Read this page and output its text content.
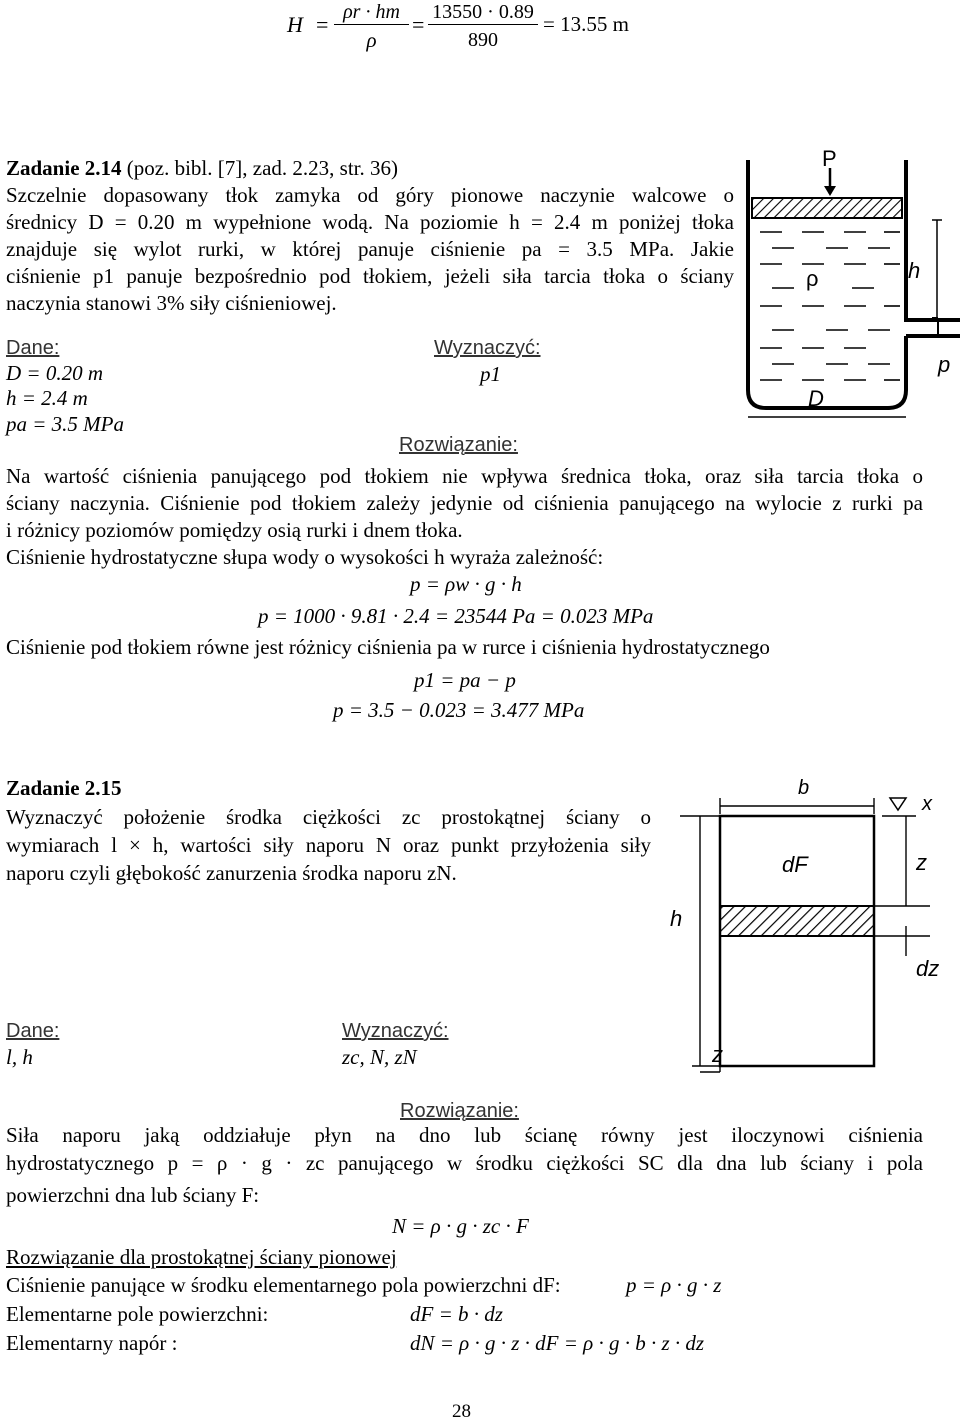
H = ρr · hm
ρ
= 13550 · 0.89
890
= 13.55 m
Zadanie 2.14 (poz. bibl. [7], zad. 2.23, str. 36)
Szczelnie dopasowany tłok zamyka od góry pionowe naczynie walcowe o
średnicy D = 0.20 m wypełnione wodą. Na poziomie h = 2.4 m poniżej tłoka
znajduje się wylot rurki, w której panuje ciśnienie pa = 3.5 MPa. Jakie
ciśnienie p1 panuje bezpośrednio pod tłokiem, jeżeli siła tarcia tłoka o ściany
naczynia stanowi 3% siły ciśnieniowej.
Dane:
D = 0.20 m
h = 2.4 m
pa = 3.5 MPa
Wyznaczyć:
p1
P
ρ	h
p
D
Rozwiązanie:
Na wartość ciśnienia panującego pod tłokiem nie wpływa średnica tłoka, oraz siła tarcia tłoka o
ściany naczynia. Ciśnienie pod tłokiem zależy jedynie od ciśnienia panującego na wylocie z rurki pa
i różnicy poziomów pomiędzy osią rurki i dnem tłoka.
Ciśnienie hydrostatyczne słupa wody o wysokości h wyraża zależność:
p = ρw · g · h
p = 1000 · 9.81 · 2.4 = 23544 Pa = 0.023 MPa
Ciśnienie pod tłokiem równe jest różnicy ciśnienia pa w rurce i ciśnienia hydrostatycznego
p1 = pa − p
p = 3.5 − 0.023 = 3.477 MPa
Zadanie 2.15
Wyznaczyć położenie środka ciężkości zc prostokątnej ściany o
wymiarach l × h, wartości siły naporu N oraz punkt przyłożenia siły
naporu czyli głębokość zanurzenia środka naporu zN.
b
x
dF
h
z
dz
z
Dane:
l, h
Wyznaczyć:
zc, N, zN
Rozwiązanie:
Siła naporu jaką oddziałuje płyn na dno lub ścianę równy jest iloczynowi ciśnienia
hydrostatycznego p = ρ · g · zc panującego w środku ciężkości SC dla dna lub ściany i pola
powierzchni dna lub ściany F:
N = ρ · g · zc · F
Rozwiązanie dla prostokątnej ściany pionowej
Ciśnienie panujące w środku elementarnego pola powierzchni dF:	p = ρ · g · z
Elementarne pole powierzchni:	dF = b · dz
Elementarny napór :	dN = ρ · g · z · dF = ρ · g · b · z · dz
28
